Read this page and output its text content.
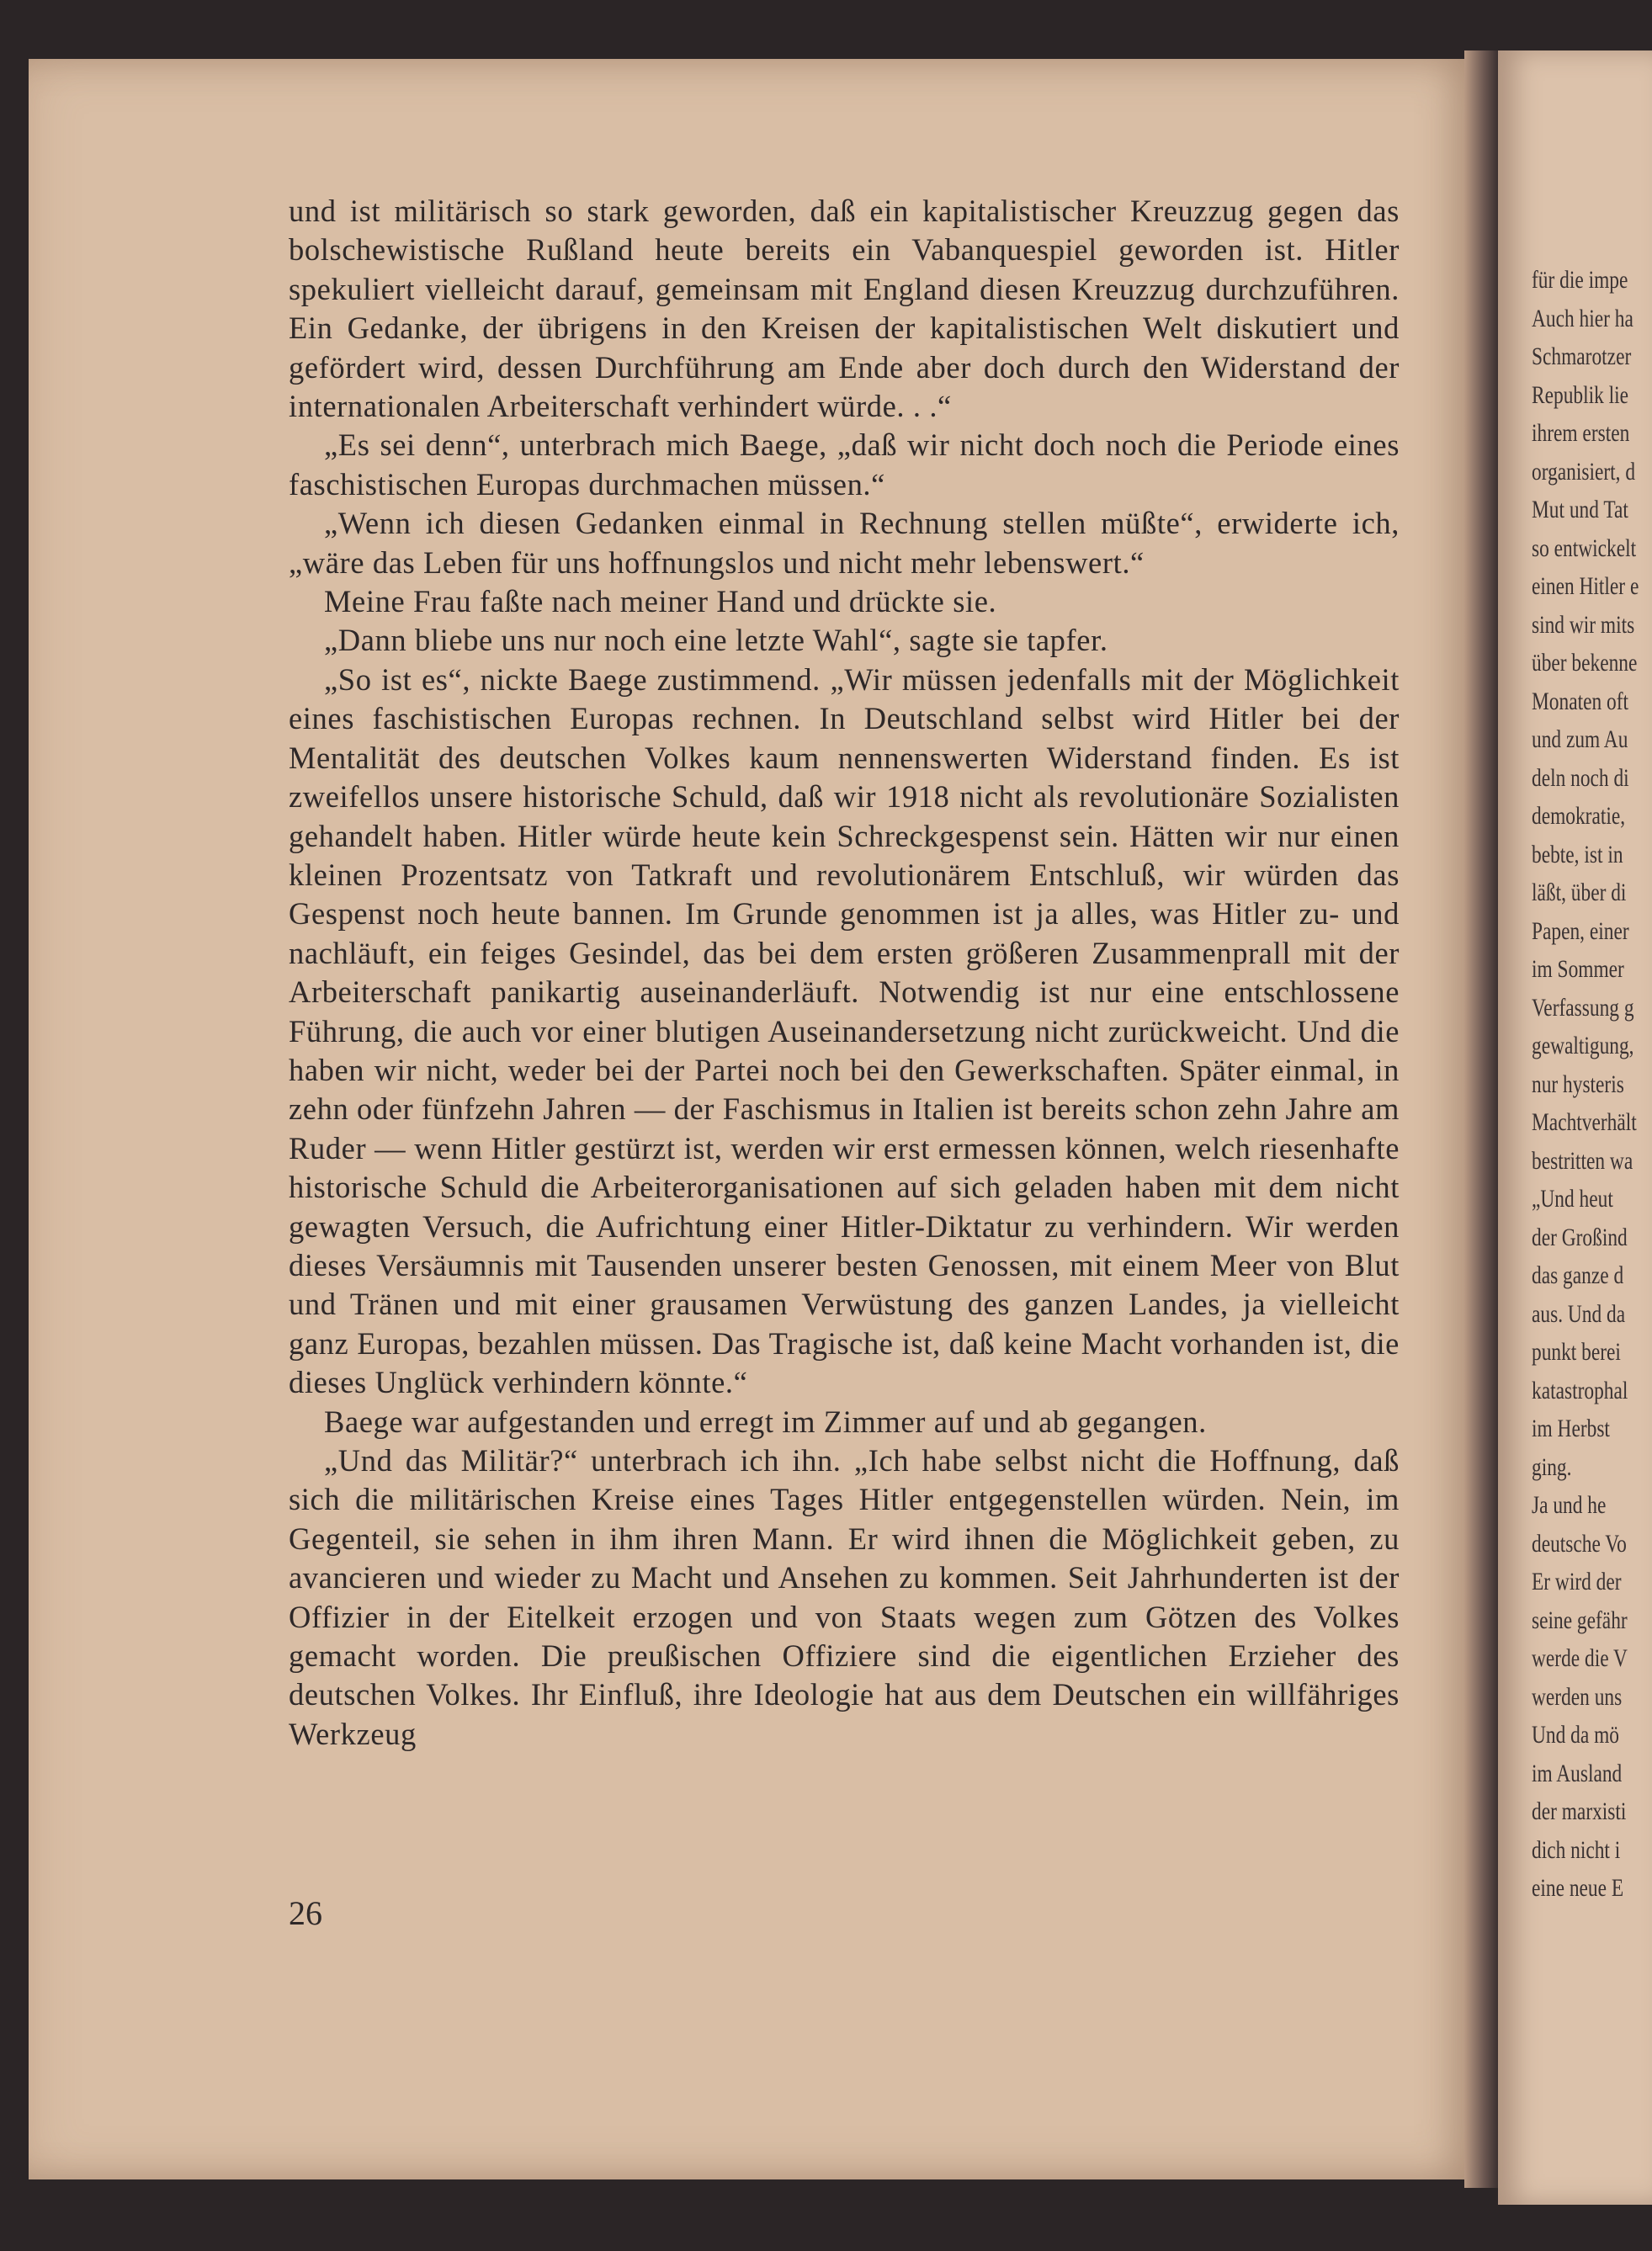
für die impe
Auch hier ha
Schmarotzer
Republik lie
ihrem ersten
organisiert, d
Mut und Tat
so entwickelt
einen Hitler e
sind wir mits
über bekenne
Monaten oft
und zum Au
deln noch di
demokratie,
bebte, ist in
läßt, über di
Papen, einer
im Sommer
Verfassung g
gewaltigung,
nur hysteris
Machtverhält
bestritten wa
„Und heut
der Großind
das ganze d
aus. Und da
punkt berei
katastrophal
im Herbst
ging.
Ja und he
deutsche Vo
Er wird der
seine gefähr
werde die V
werden uns
Und da mö
im Ausland
der marxisti
dich nicht i
eine neue E

und ist militärisch so stark geworden, daß ein kapitalistischer Kreuzzug gegen das bolschewistische Rußland heute bereits ein Vabanquespiel geworden ist. Hitler spekuliert vielleicht darauf, gemeinsam mit England diesen Kreuzzug durchzuführen. Ein Gedanke, der übrigens in den Kreisen der kapitalistischen Welt diskutiert und gefördert wird, dessen Durchführung am Ende aber doch durch den Widerstand der internationalen Arbeiterschaft verhindert würde. . .“

„Es sei denn“, unterbrach mich Baege, „daß wir nicht doch noch die Periode eines faschistischen Europas durchmachen müssen.“

„Wenn ich diesen Gedanken einmal in Rechnung stellen müßte“, erwiderte ich, „wäre das Leben für uns hoffnungslos und nicht mehr lebenswert.“

Meine Frau faßte nach meiner Hand und drückte sie.

„Dann bliebe uns nur noch eine letzte Wahl“, sagte sie tapfer.

„So ist es“, nickte Baege zustimmend. „Wir müssen jedenfalls mit der Möglichkeit eines faschistischen Europas rechnen. In Deutschland selbst wird Hitler bei der Mentalität des deutschen Volkes kaum nennenswerten Widerstand finden. Es ist zweifellos unsere historische Schuld, daß wir 1918 nicht als revolutionäre Sozialisten gehandelt haben. Hitler würde heute kein Schreckgespenst sein. Hätten wir nur einen kleinen Prozentsatz von Tatkraft und revolutionärem Entschluß, wir würden das Gespenst noch heute bannen. Im Grunde genommen ist ja alles, was Hitler zu- und nachläuft, ein feiges Gesindel, das bei dem ersten größeren Zusammenprall mit der Arbeiterschaft panikartig auseinanderläuft. Notwendig ist nur eine entschlossene Führung, die auch vor einer blutigen Auseinandersetzung nicht zurückweicht. Und die haben wir nicht, weder bei der Partei noch bei den Gewerkschaften. Später einmal, in zehn oder fünfzehn Jahren — der Faschismus in Italien ist bereits schon zehn Jahre am Ruder — wenn Hitler gestürzt ist, werden wir erst ermessen können, welch riesenhafte historische Schuld die Arbeiterorganisationen auf sich geladen haben mit dem nicht gewagten Versuch, die Aufrichtung einer Hitler-Diktatur zu verhindern. Wir werden dieses Versäumnis mit Tausenden unserer besten Genossen, mit einem Meer von Blut und Tränen und mit einer grausamen Verwüstung des ganzen Landes, ja vielleicht ganz Europas, bezahlen müssen. Das Tragische ist, daß keine Macht vorhanden ist, die dieses Unglück verhindern könnte.“

Baege war aufgestanden und erregt im Zimmer auf und ab gegangen.

„Und das Militär?“ unterbrach ich ihn. „Ich habe selbst nicht die Hoffnung, daß sich die militärischen Kreise eines Tages Hitler entgegenstellen würden. Nein, im Gegenteil, sie sehen in ihm ihren Mann. Er wird ihnen die Möglichkeit geben, zu avancieren und wieder zu Macht und Ansehen zu kommen. Seit Jahrhunderten ist der Offizier in der Eitelkeit erzogen und von Staats wegen zum Götzen des Volkes gemacht worden. Die preußischen Offiziere sind die eigentlichen Erzieher des deutschen Volkes. Ihr Einfluß, ihre Ideologie hat aus dem Deutschen ein willfähriges Werkzeug

26
